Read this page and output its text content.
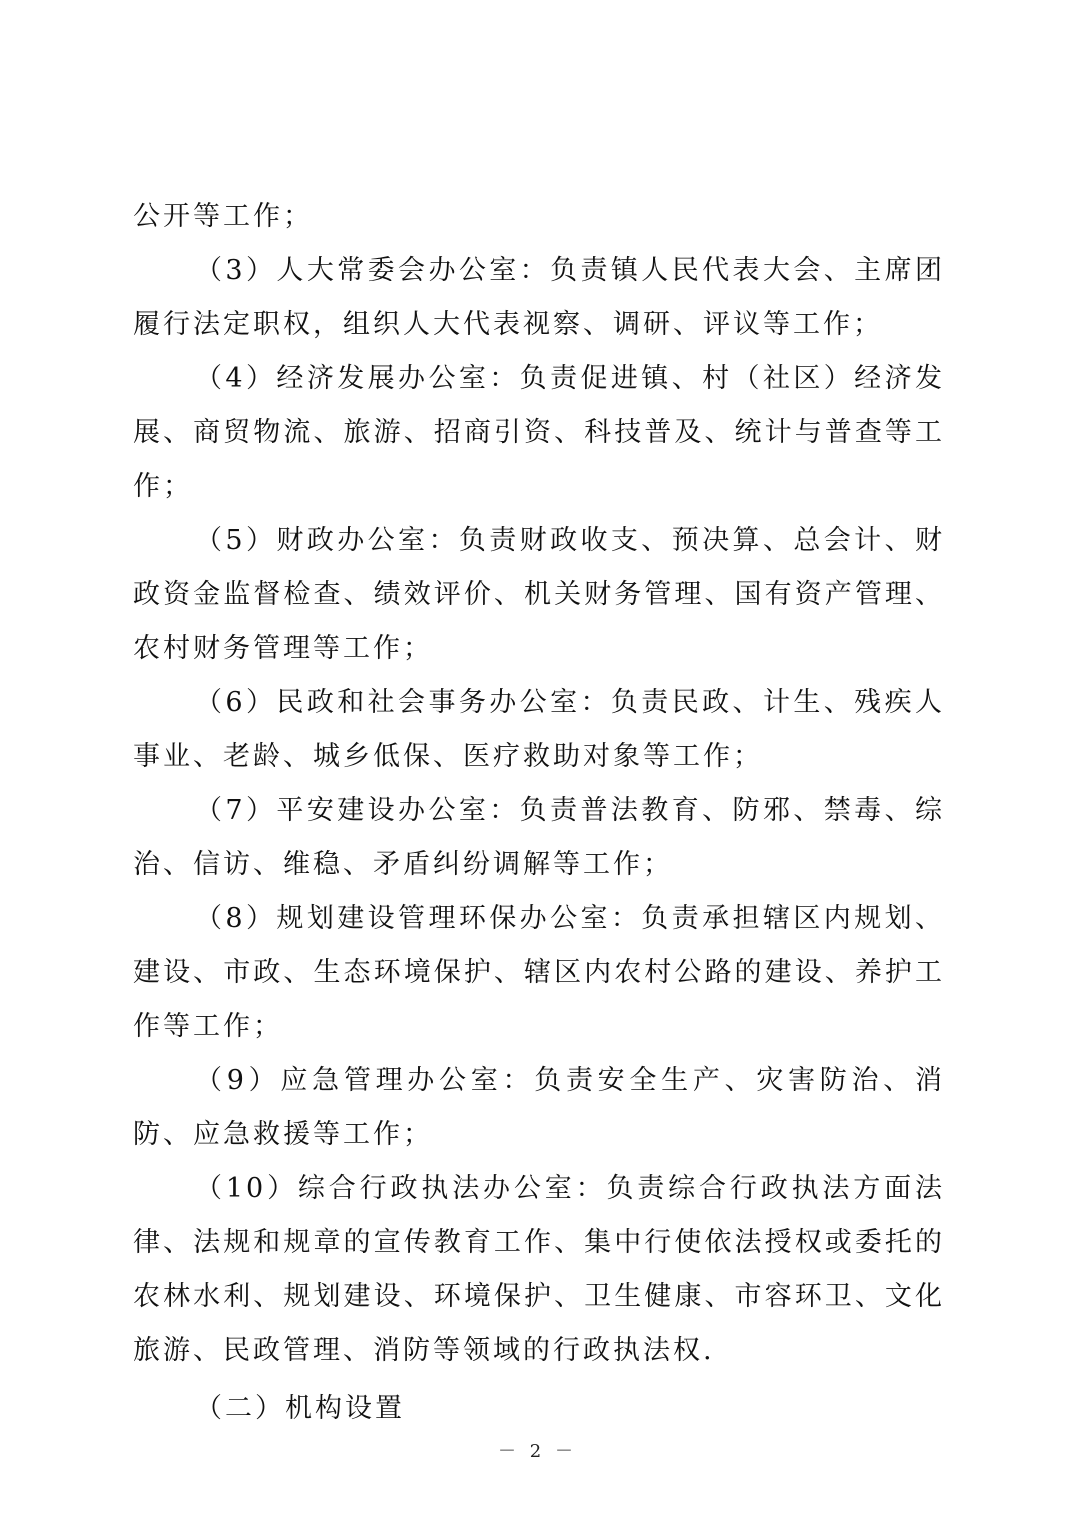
公开等工作；

（3）人大常委会办公室：负责镇人民代表大会、主席团履行法定职权，组织人大代表视察、调研、评议等工作；

（4）经济发展办公室：负责促进镇、村（社区）经济发展、商贸物流、旅游、招商引资、科技普及、统计与普查等工作；

（5）财政办公室：负责财政收支、预决算、总会计、财政资金监督检查、绩效评价、机关财务管理、国有资产管理、农村财务管理等工作；

（6）民政和社会事务办公室：负责民政、计生、残疾人事业、老龄、城乡低保、医疗救助对象等工作；

（7）平安建设办公室：负责普法教育、防邪、禁毒、综治、信访、维稳、矛盾纠纷调解等工作；

（8）规划建设管理环保办公室：负责承担辖区内规划、建设、市政、生态环境保护、辖区内农村公路的建设、养护工作等工作；

（9）应急管理办公室：负责安全生产、灾害防治、消防、应急救援等工作；

（10）综合行政执法办公室：负责综合行政执法方面法律、法规和规章的宣传教育工作、集中行使依法授权或委托的农林水利、规划建设、环境保护、卫生健康、市容环卫、文化旅游、民政管理、消防等领域的行政执法权.

（二）机构设置

－ 2 －
